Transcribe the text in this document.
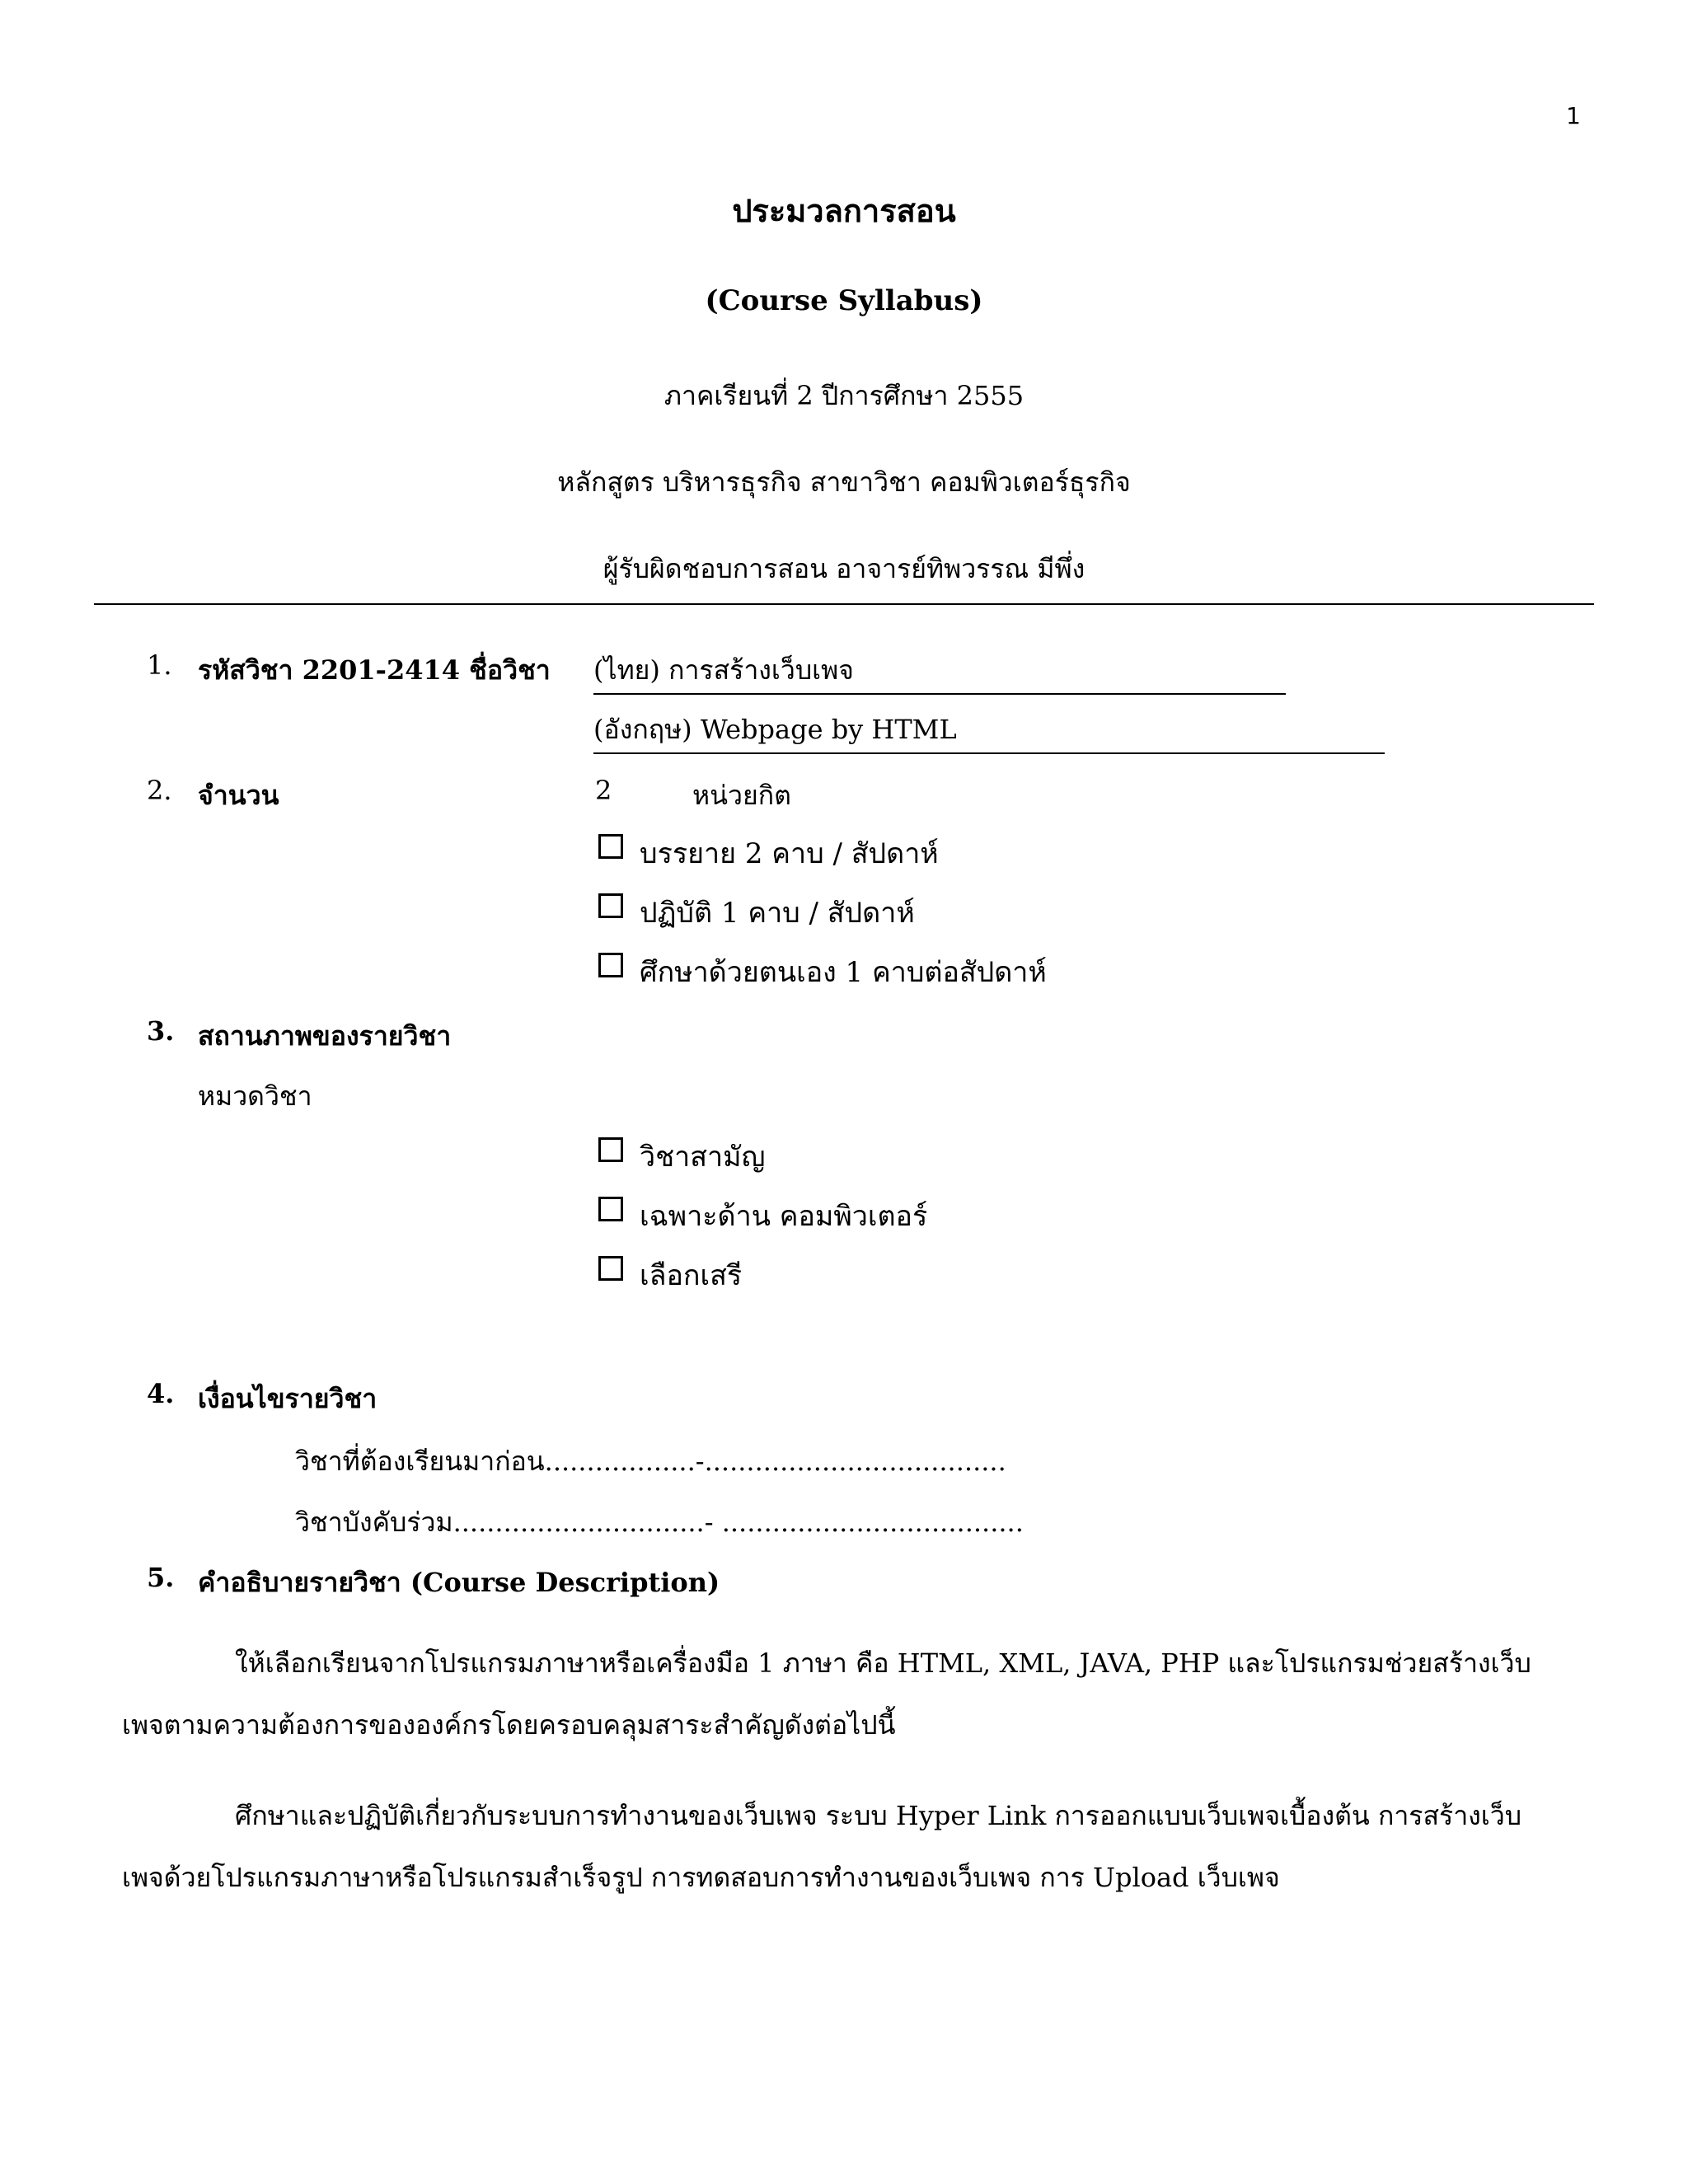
1
ประมวลการสอน
(Course Syllabus)
ภาคเรียนที่ 2 ปีการศึกษา 2555
หลักสูตร บริหารธุรกิจ สาขาวิชา คอมพิวเตอร์ธุรกิจ
ผู้รับผิดชอบการสอน อาจารย์ทิพวรรณ มีพึ่ง
1. รหัสวิชา 2201-2414 ชื่อวิชา (ไทย) การสร้างเว็บเพจ
(อังกฤษ) Webpage by HTML
2. จำนวน	2	หน่วยกิต
บรรยาย 2 คาบ / สัปดาห์
ปฏิบัติ 1 คาบ / สัปดาห์
ศึกษาด้วยตนเอง 1 คาบต่อสัปดาห์
3. สถานภาพของรายวิชา
หมวดวิชา
วิชาสามัญ
เฉพาะด้าน คอมพิวเตอร์
เลือกเสรี
4. เงื่อนไขรายวิชา
วิชาที่ต้องเรียนมาก่อน..................-....................................
วิชาบังคับร่วม..............................- ....................................
5. คำอธิบายรายวิชา (Course Description)
ให้เลือกเรียนจากโปรแกรมภาษาหรือเครื่องมือ 1 ภาษา คือ HTML, XML, JAVA, PHP และโปรแกรมช่วยสร้างเว็บ
เพจตามความต้องการขององค์กรโดยครอบคลุมสาระสำคัญดังต่อไปนี้
ศึกษาและปฏิบัติเกี่ยวกับระบบการทำงานของเว็บเพจ ระบบ Hyper Link การออกแบบเว็บเพจเบื้องต้น การสร้างเว็บ
เพจด้วยโปรแกรมภาษาหรือโปรแกรมสำเร็จรูป การทดสอบการทำงานของเว็บเพจ การ Upload เว็บเพจ
